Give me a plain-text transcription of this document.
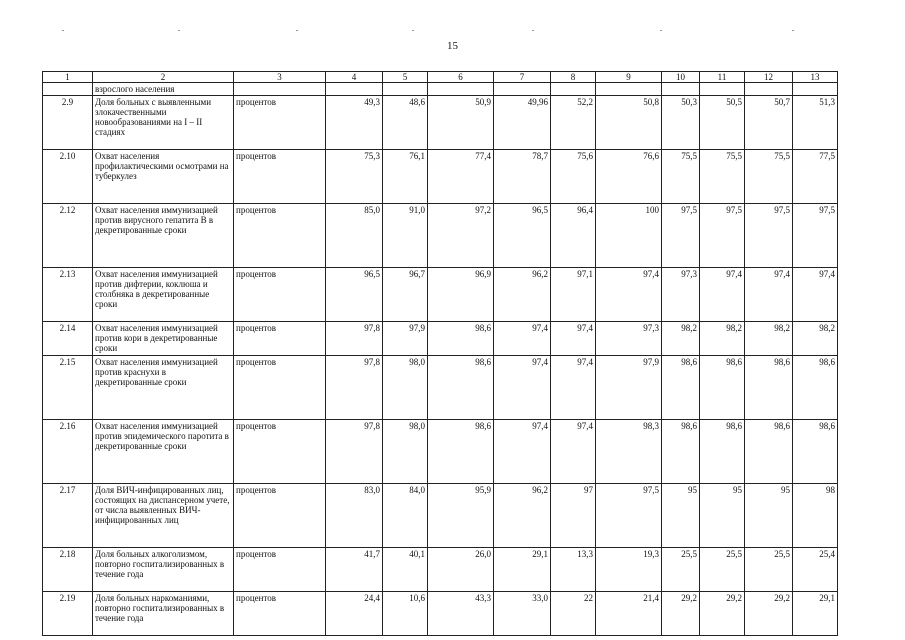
15
1	2	3	4	5	6	7	8	9	10	11	12	13
	взрослого населения											
2.9	Доля больных с выявленными злокачественными новообразованиями на I – II стадиях	процентов	49,3	48,6	50,9	49,96	52,2	50,8	50,3	50,5	50,7	51,3
2.10	Охват населения профилактическими осмотрами на туберкулез	процентов	75,3	76,1	77,4	78,7	75,6	76,6	75,5	75,5	75,5	77,5
2.12	Охват населения иммунизацией против вирусного гепатита В в декретированные сроки	процентов	85,0	91,0	97,2	96,5	96,4	100	97,5	97,5	97,5	97,5
2.13	Охват населения иммунизацией против дифтерии, коклюша и столбняка в декретированные сроки	процентов	96,5	96,7	96,9	96,2	97,1	97,4	97,3	97,4	97,4	97,4
2.14	Охват населения иммунизацией против кори в декретированные сроки	процентов	97,8	97,9	98,6	97,4	97,4	97,3	98,2	98,2	98,2	98,2
2.15	Охват населения иммунизацией против краснухи в декретированные сроки	процентов	97,8	98,0	98,6	97,4	97,4	97,9	98,6	98,6	98,6	98,6
2.16	Охват населения иммунизацией против эпидемического паротита в декретированные сроки	процентов	97,8	98,0	98,6	97,4	97,4	98,3	98,6	98,6	98,6	98,6
2.17	Доля ВИЧ-инфицированных лиц, состоящих на диспансерном учете, от числа выявленных ВИЧ-инфицированных лиц	процентов	83,0	84,0	95,9	96,2	97	97,5	95	95	95	98
2.18	Доля больных алкоголизмом, повторно госпитализированных в течение года	процентов	41,7	40,1	26,0	29,1	13,3	19,3	25,5	25,5	25,5	25,4
2.19	Доля больных наркоманиями, повторно госпитализированных в течение года	процентов	24,4	10,6	43,3	33,0	22	21,4	29,2	29,2	29,2	29,1
